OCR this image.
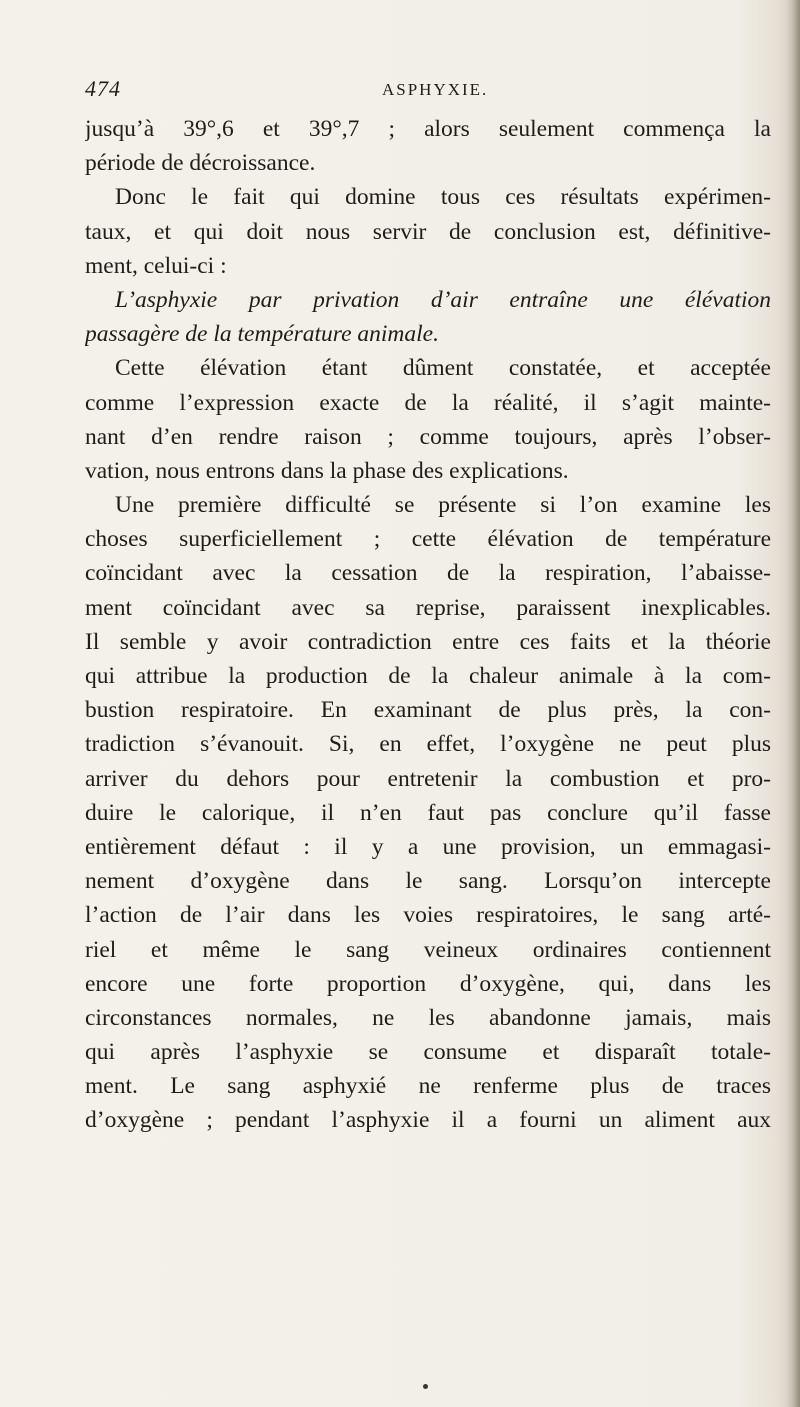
474	ASPHYXIE.
jusqu’à 39°,6 et 39°,7 ; alors seulement commença la
période de décroissance.
Donc le fait qui domine tous ces résultats expérimen-
taux, et qui doit nous servir de conclusion est, définitive-
ment, celui-ci :
L’asphyxie par privation d’air entraîne une élévation
passagère de la température animale.
Cette élévation étant dûment constatée, et acceptée
comme l’expression exacte de la réalité, il s’agit mainte-
nant d’en rendre raison ; comme toujours, après l’obser-
vation, nous entrons dans la phase des explications.
Une première difficulté se présente si l’on examine les
choses superficiellement ; cette élévation de température
coïncidant avec la cessation de la respiration, l’abaisse-
ment coïncidant avec sa reprise, paraissent inexplicables.
Il semble y avoir contradiction entre ces faits et la théorie
qui attribue la production de la chaleur animale à la com-
bustion respiratoire. En examinant de plus près, la con-
tradiction s’évanouit. Si, en effet, l’oxygène ne peut plus
arriver du dehors pour entretenir la combustion et pro-
duire le calorique, il n’en faut pas conclure qu’il fasse
entièrement défaut : il y a une provision, un emmagasi-
nement d’oxygène dans le sang. Lorsqu’on intercepte
l’action de l’air dans les voies respiratoires, le sang arté-
riel et même le sang veineux ordinaires contiennent
encore une forte proportion d’oxygène, qui, dans les
circonstances normales, ne les abandonne jamais, mais
qui après l’asphyxie se consume et disparaît totale-
ment. Le sang asphyxié ne renferme plus de traces
d’oxygène ; pendant l’asphyxie il a fourni un aliment aux
